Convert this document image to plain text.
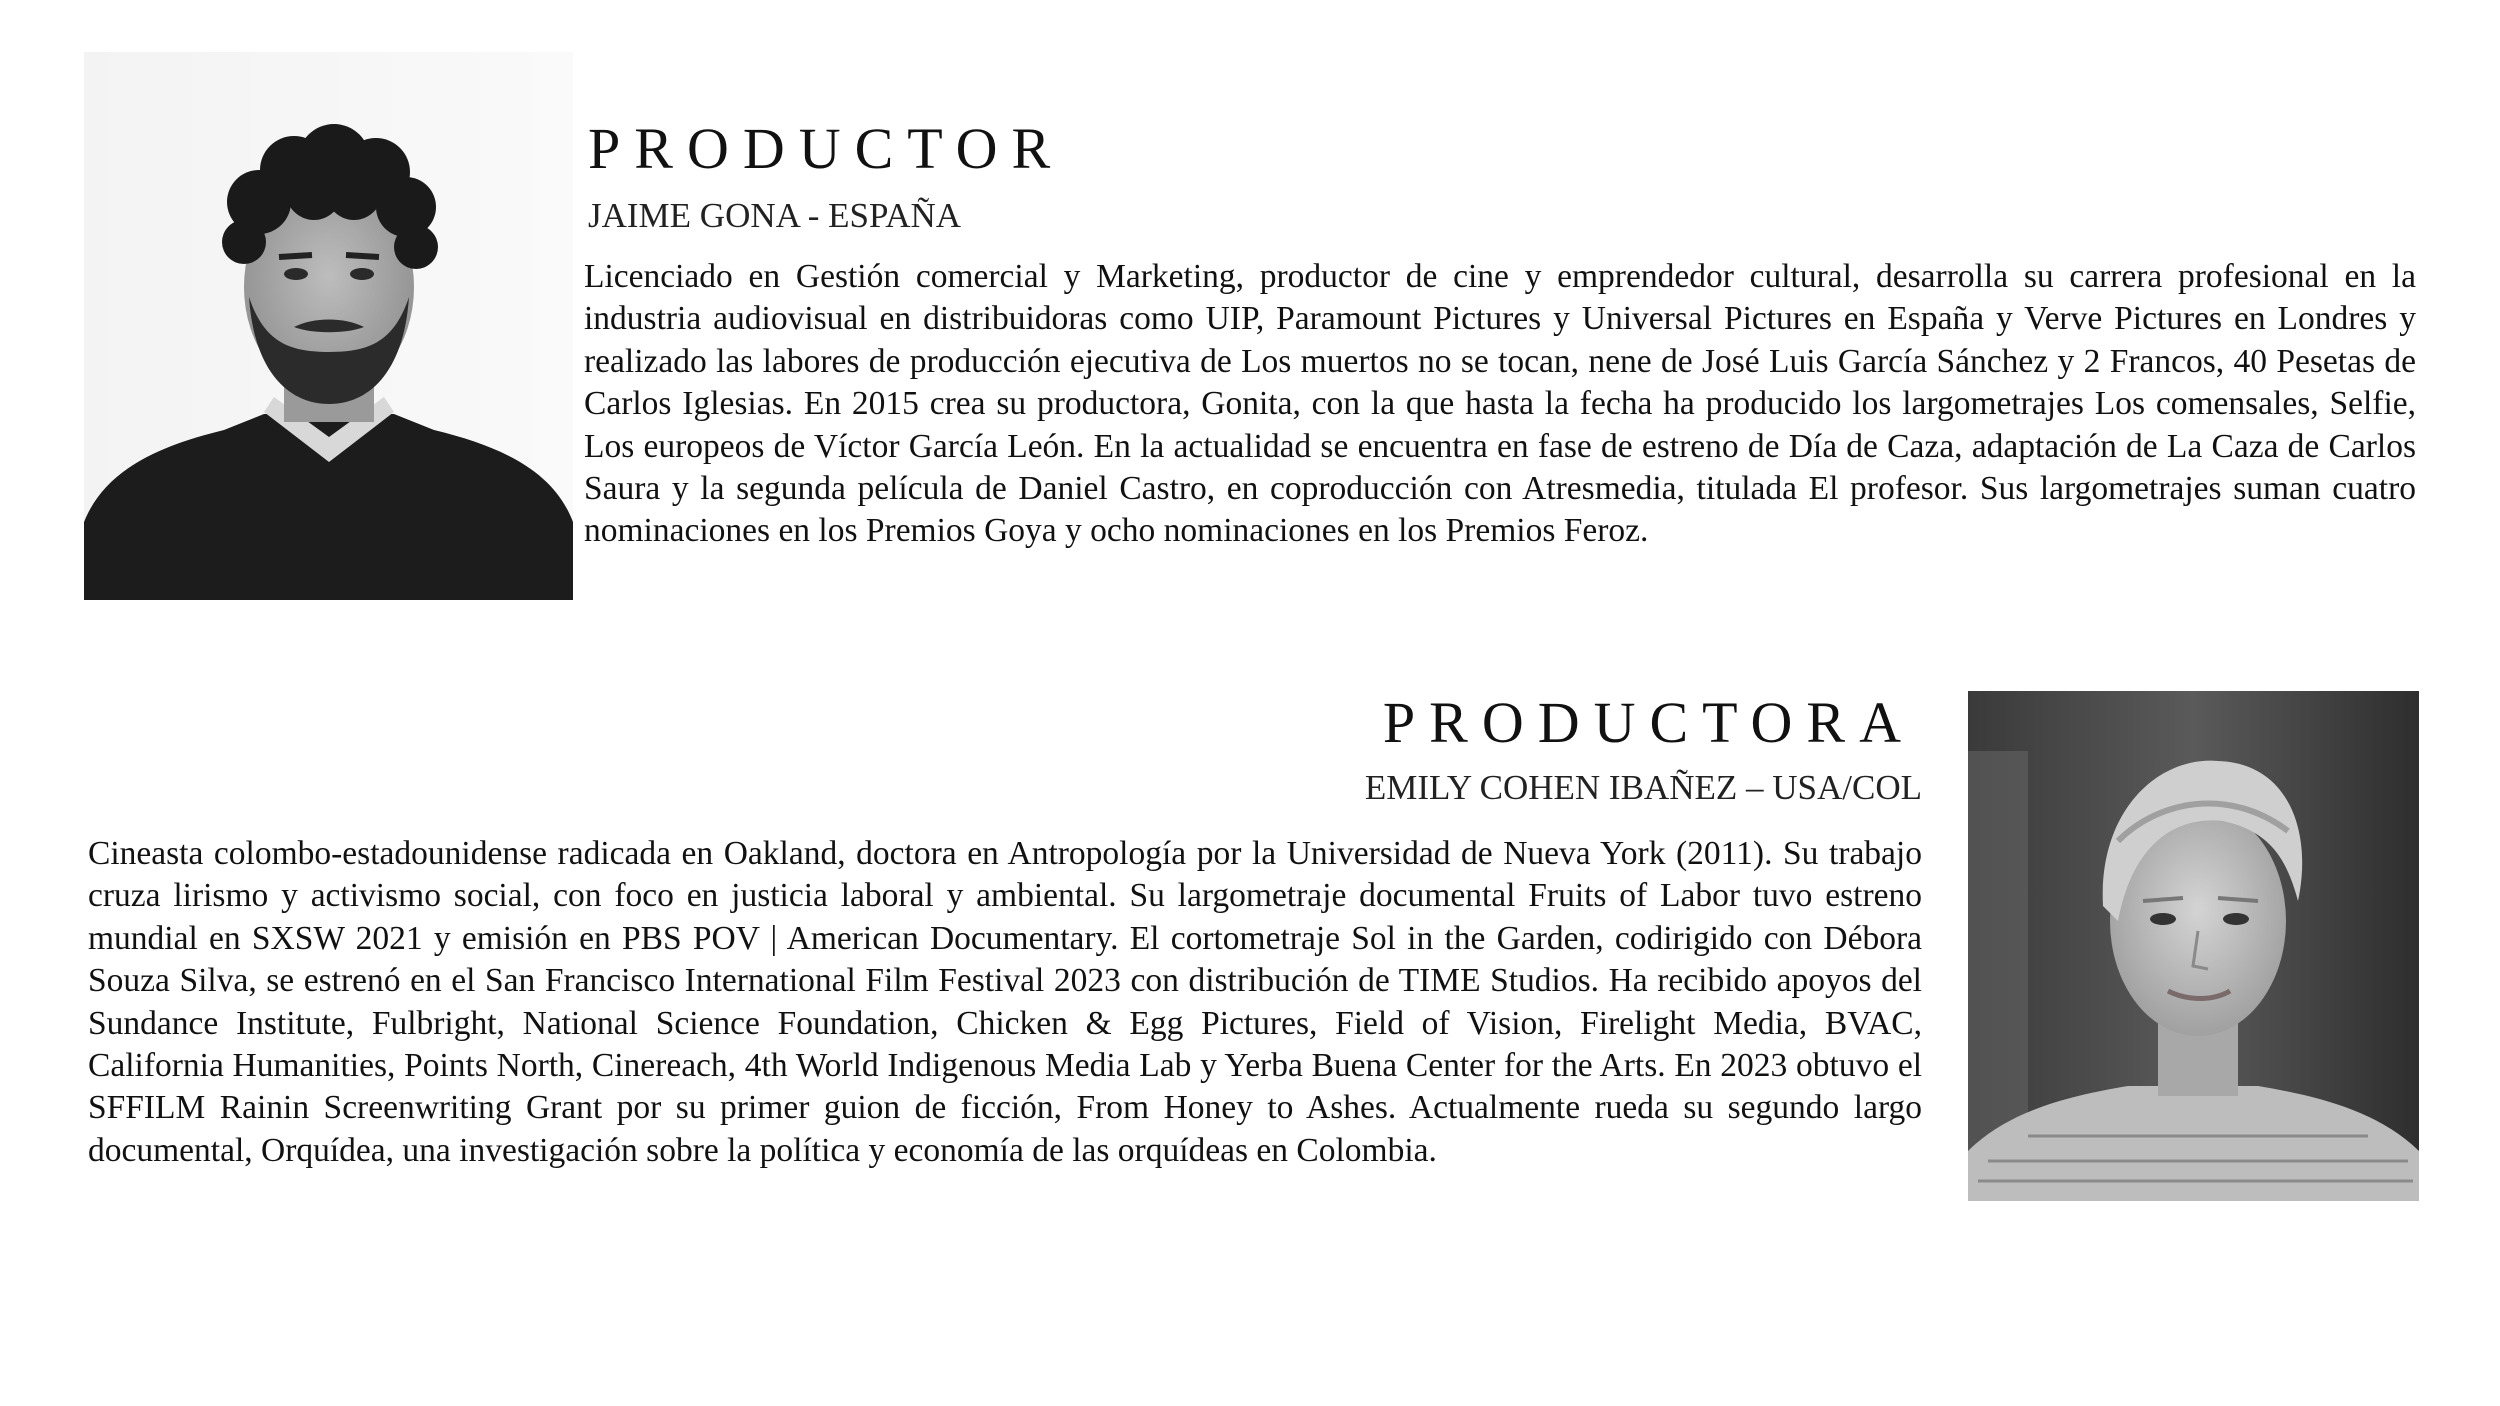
PRODUCTOR
JAIME GONA - ESPAÑA

Licenciado en Gestión comercial y Marketing, productor de cine y emprendedor cultural, desarrolla su carrera profesional en la industria audiovisual en distribuidoras como UIP, Paramount Pictures y Universal Pictures en España y Verve Pictures en Londres y realizado las labores de producción ejecutiva de Los muertos no se tocan, nene de José Luis García Sánchez y 2 Francos, 40 Pesetas de Carlos Iglesias. En 2015 crea su productora, Gonita, con la que hasta la fecha ha producido los largometrajes Los comensales, Selfie, Los europeos de Víctor García León. En la actualidad se encuentra en fase de estreno de Día de Caza, adaptación de La Caza de Carlos Saura y la segunda película de Daniel Castro, en coproducción con Atresmedia, titulada El profesor. Sus largometrajes suman cuatro nominaciones en los Premios Goya y ocho nominaciones en los Premios Feroz.

PRODUCTORA
EMILY COHEN IBAÑEZ – USA/COL

Cineasta colombo-estadounidense radicada en Oakland, doctora en Antropología por la Universidad de Nueva York (2011). Su trabajo cruza lirismo y activismo social, con foco en justicia laboral y ambiental. Su largometraje documental Fruits of Labor tuvo estreno mundial en SXSW 2021 y emisión en PBS POV | American Documentary. El cortometraje Sol in the Garden, codirigido con Débora Souza Silva, se estrenó en el San Francisco International Film Festival 2023 con distribución de TIME Studios. Ha recibido apoyos del Sundance Institute, Fulbright, National Science Foundation, Chicken & Egg Pictures, Field of Vision, Firelight Media, BVAC, California Humanities, Points North, Cinereach, 4th World Indigenous Media Lab y Yerba Buena Center for the Arts. En 2023 obtuvo el SFFILM Rainin Screenwriting Grant por su primer guion de ficción, From Honey to Ashes. Actualmente rueda su segundo largo documental, Orquídea, una investigación sobre la política y economía de las orquídeas en Colombia.
